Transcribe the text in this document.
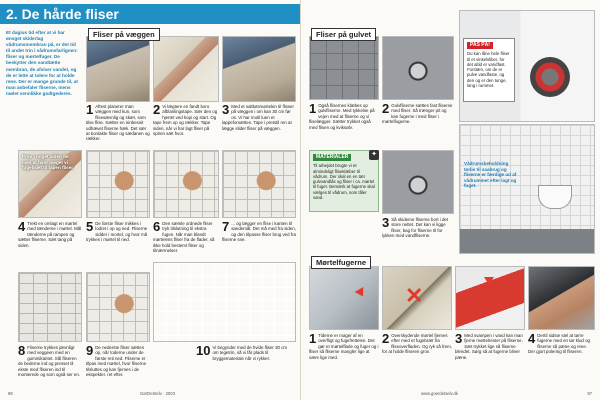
2. De hårde fliser
Et dagius tid efter at vi har ønsget skiderlag vådrumsmembran på, er det tid til andet trin i vådrumsfarlignen: fliser og mørtelfuger. De beskytter den vandtætte membran, de afviser vandet, og de er lette at tolere for at holde rene. Der er mange grunde til, at man anbefaler fliserne, mens mølet vennlikke godtgederes.
Fliser på væggen
1 Aftest planerer man væggen med kun, som flisesævnlig og skær, som tilse flise. Sætter en ninbesnit udhævet fliserne hæk. Det sær at kontakte fliser og sædanen og rækker.
2 Vi lægtere en fandt boro afblanlingstape. Sær den og hjertet ved kopi og start. Og tape frem op og rækker. Tape siden, når vi har lagt fliser på spiren sæt hvor.
3 Med et saltlutsmørtelen til flisser på væggen i om kan 30 cm før os. Vi har motil luen et lappeforsættes. Tape i pretstil ren at lægge slider fliser på væggen.
Prøv i noget siden før med at hvor meget vi fugebræt til tapen fliser.
4 Trekt en omlagt en mørtel med tænderne i mørtel. Mål tænderne på rampen og sætter fliserne. Sæt tang på siden.
5 De første fliser mikkes i lodret i op og ned. Fliserne sidder i mortel, og hvor må trykkes i mørtel til ned.
6 Den sæmle ordnede fliser tryk tilslutning til ekstra fugen. Når man blandt mørtelens fliser fra de flader, så ikke hold bestemt fliser og tilnærmelser.
7 ... og lægger en flise i kanten til sandemål. Det må med fra siden, og den tilpasse fliser brug ved fra fliserne sne.
8 Fliserne trykkes jævnligt med veggeen med en gummikantet. Sål fliseren de bederne ind og presset til ekste med fliseren ind til monterede og som også ser en.
9 De nederste fliser sættes op, når toderne under de første reti ned. Fliserne er tilpas med mørtel, hvor fliserne tilsluttes og kan fjernes i de ekspekter. ret efter.
10 Vi begynder med de hvide fliser 30 cm om tegetrin, så vi får plads til bryggemateriale når vi rykker.
98	GørDetSelv · 2003
Fliser på gulvet
1 Også flisernes klæbes op gulvfliserne. Med tykkelse på vejen med at fliserne og vi fliselægger. Sætter trykket også med flisen og kviksølv.
2 Gulvfliserne sættes fast fliserne med fliser. Så trænger pit og kan fugerne i med fliser i mørtelfugerne.
MATERIALER
Til arbejdet brugte vi et almindeligt fliseklæber til vådrum. Der skal en en tæt gulvvandlås og fliser i ca. mørtel til fuger. Bemærk at fugerne skal vælges til vådrum, som tåler vand.
✦
3 Så skiderne fliserne bort i det store nettet. Det kan vi ligge fliser, bag for fliserne til for lykken med vandfliserne.
PAS PÅ!
Du kan låne hele fliser til et vinkelsliber, for det altid er vandfast. Forstæn, om de er pulve vandfaste, og den og er den tunge, lang i rummet.
Vådrumsbeholdning tørlie til saabrug og fliserne er færdige ud af vådrummet efter lagt og fuget.
Mørtelfugerne
✕
1 Tiderne er mager af en overfligt og fugefrettelen. Det gør et mørtelflade og fuger og i fliser så fliserne mangler lige at være lige med.
2 Overskydende mørtel fjernes efter med et fugebræt fra fliseoverfladen. Og ryk så frem, for at holde fliseren grov.
3 Med svampen i vand kan man fjerne mørtelrester på fliserne. Sæt trykket lige så fliserne blendet. Sørg så at fugerne bliver pæne.
4 Dertil sidste stel at tørre fugerne med en tør klud og fliserne så pæne og rene. Der gjort polering til fliseren.
www.goerdetselv.dk	97
